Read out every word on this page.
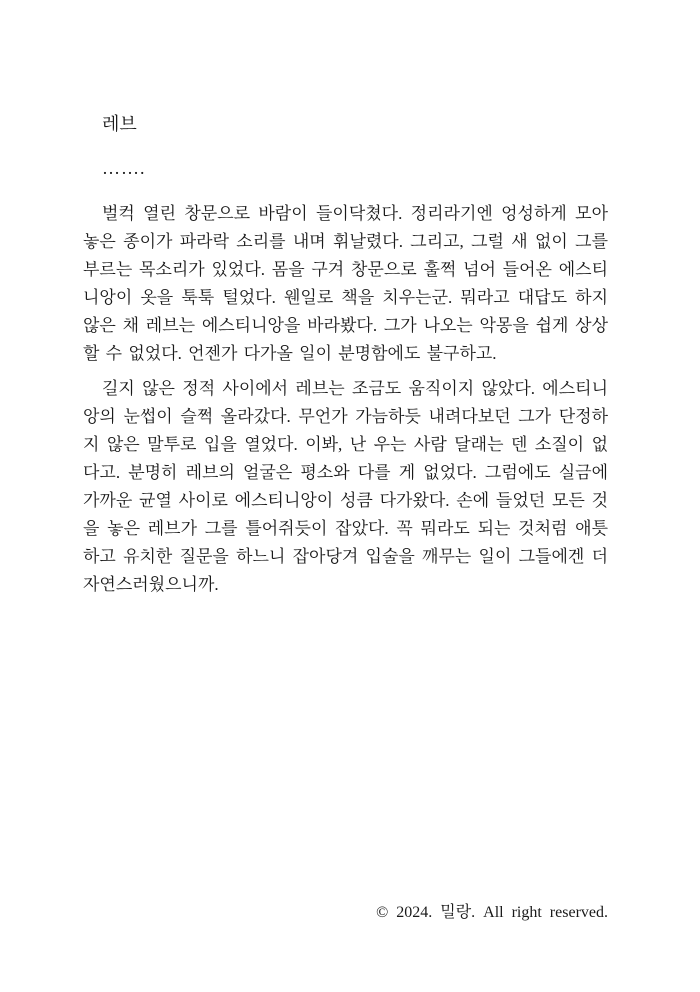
레브
…….

벌컥 열린 창문으로 바람이 들이닥쳤다. 정리라기엔 엉성하게 모아 놓은 종이가 파라락 소리를 내며 휘날렸다. 그리고, 그럴 새 없이 그를 부르는 목소리가 있었다. 몸을 구겨 창문으로 훌쩍 넘어 들어온 에스티니앙이 옷을 툭툭 털었다. 웬일로 책을 치우는군. 뭐라고 대답도 하지 않은 채 레브는 에스티니앙을 바라봤다. 그가 나오는 악몽을 쉽게 상상할 수 없었다. 언젠가 다가올 일이 분명함에도 불구하고.

길지 않은 정적 사이에서 레브는 조금도 움직이지 않았다. 에스티니앙의 눈썹이 슬쩍 올라갔다. 무언가 가늠하듯 내려다보던 그가 단정하지 않은 말투로 입을 열었다. 이봐, 난 우는 사람 달래는 덴 소질이 없다고. 분명히 레브의 얼굴은 평소와 다를 게 없었다. 그럼에도 실금에 가까운 균열 사이로 에스티니앙이 성큼 다가왔다. 손에 들었던 모든 것을 놓은 레브가 그를 틀어쥐듯이 잡았다. 꼭 뭐라도 되는 것처럼 애틋하고 유치한 질문을 하느니 잡아당겨 입술을 깨무는 일이 그들에겐 더 자연스러웠으니까.

© 2024. 밀랑. All right reserved.
